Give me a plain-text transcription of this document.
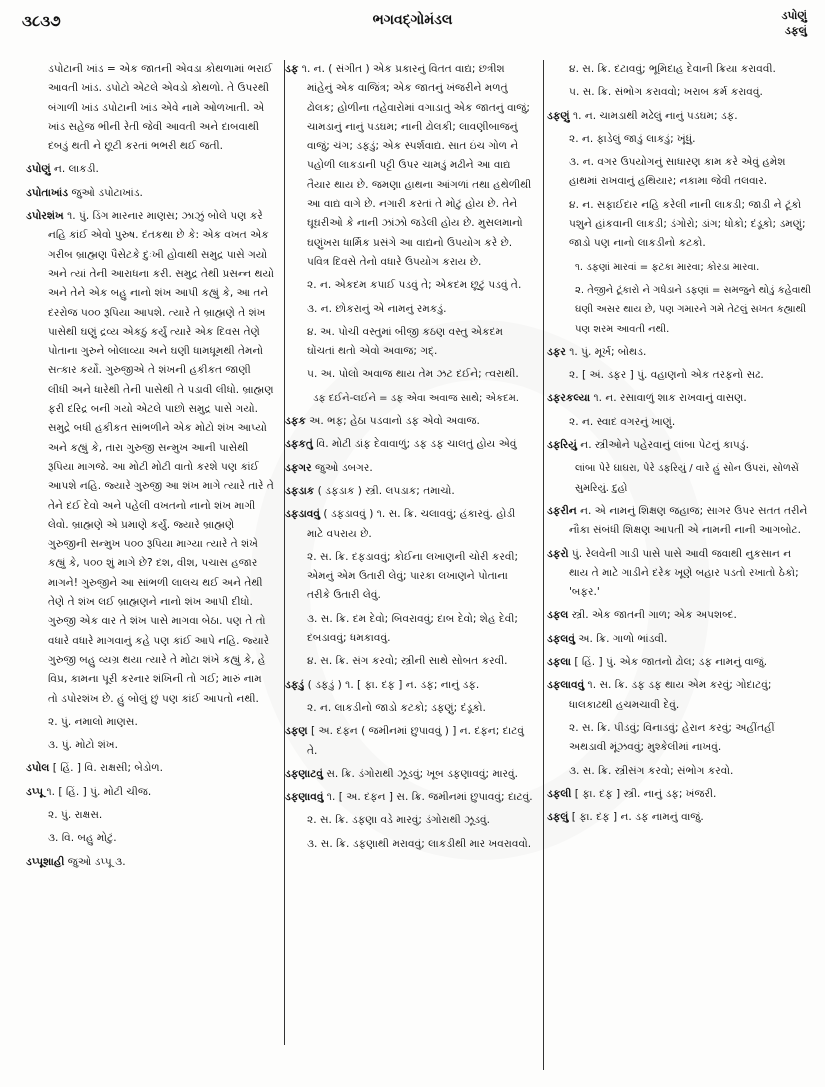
૩૮૩૭	ભગવદ્ગોમંડલ	ડપોણું
ડફલું

ડપોટાની ખાંડ = એક જાતની એવડા કોથળામાં ભરાઈ આવતી ખાંડ. ડપોટો એટલે એવડો કોથળો. તે ઉપરથી બંગાળી ખાંડ ડપોટાની ખાંડ એવે નામે ઓળખાતી. એ ખાંડ સહેજ ભીની રેતી જેવી આવતી અને દાબવાથી દબડું થતી ને છૂટી કરતાં ભભરી થઈ જતી.

ડપોણું ન. લાકડી.

ડપોતાખાંડ જુઓ ડપોટાખાંડ.

ડપોરશંખ ૧. પું. ડિંગ મારનાર માણસ; ઝાઝું બોલે પણ કરે નહિ કાંઈ એવો પુરુષ. દંતકથા છે કે: એક વખત એક ગરીબ બ્રાહ્મણ પૈસેટકે દુઃખી હોવાથી સમુદ્ર પાસે ગયો અને ત્યાં તેની આરાધના કરી. સમુદ્ર તેથી પ્રસન્ન થયો અને તેને એક બહુ નાનો શંખ આપી કહ્યું કે, આ તને દરરોજ ૫૦૦ રૂપિયા આપશે. ત્યારે તે બ્રાહ્મણે તે શંખ પાસેથી ઘણું દ્રવ્ય એકઠું કર્યું ત્યારે એક દિવસ તેણે પોતાના ગુરુને બોલાવ્યા અને ઘણી ધામધૂમથી તેમનો સત્કાર કર્યો. ગુરુજીએ તે શંખની હકીકત જાણી લીધી અને ધારેથી તેની પાસેથી તે પડાવી લીધો. બ્રાહ્મણ ફરી દરિદ્ર બની ગયો એટલે પાછો સમુદ્ર પાસે ગયો. સમુદ્રે બધી હકીકત સાંભળીને એક મોટો શંખ આપ્યો અને કહ્યું કે, તારા ગુરુજી સન્મુખ આની પાસેથી રૂપિયા માગજે. આ મોટી મોટી વાતો કરશે પણ કાંઈ આપશે નહિ. જ્યારે ગુરુજી આ શંખ માગે ત્યારે તારે તે તેને દઈ દેવો અને પહેલી વખતનો નાનો શંખ માગી લેવો. બ્રાહ્મણે એ પ્રમાણે કર્યું. જ્યારે બ્રાહ્મણે ગુરુજીની સન્મુખ ૫૦૦ રૂપિયા માગ્યા ત્યારે તે શંખે કહ્યું કે, ૫૦૦ શું માગે છે? દશ, વીશ, પચાસ હજાર માગને! ગુરુજીને આ સાંભળી લાલચ થઈ અને તેથી તેણે તે શંખ લઈ બ્રાહ્મણને નાનો શંખ આપી દીધો. ગુરુજી એક વાર તે શંખ પાસે માગવા બેઠા. પણ તે તો વધારે વધારે માગવાનું કહે પણ કાંઈ આપે નહિ. જ્યારે ગુરુજી બહુ વ્યગ્ર થયા ત્યારે તે મોટા શંખે કહ્યું કે, હે વિપ્ર, કામના પૂરી કરનાર શંખિની તો ગઈ; મારું નામ તો ડપોરશંખ છે. હું બોલું છું પણ કાંઈ આપતો નથી.

૨. પું. નમાલો માણસ.

૩. પું. મોટો શંખ.

ડપોલ [ હિં. ] વિ. રાક્ષસી; બેડોળ.

ડપ્પૂ ૧. [ હિં. ] પું. મોટી ચીજ.

૨. પું. રાક્ષસ.

૩. વિ. બહુ મોટું.

ડપ્પૂશાહી જુઓ ડપ્પૂ ૩.

ડફ ૧. ન. ( સંગીત ) એક પ્રકારનું વિતત વાદ્ય; છત્રીશ માંહેનું એક વાજિંત્ર; એક જાતનું ખંજરીને મળતું ઢોલક; હોળીના તહેવારોમાં વગાડાતું એક જાતનું વાજું; ચામડાનું નાનું પડઘમ; નાની ઢોલકી; લાવણીબાજનું વાજું; ચંગ; ડફડું; એક સ્પર્શવાદ્ય. સાત ઇંચ ગોળ ને પહોળી લાકડાની પટ્ટી ઉપર ચામડું મઢીને આ વાદ્ય તૈયાર થાય છે. જમણા હાથના આંગળાં તથા હથેળીથી આ વાદ્ય વાગે છે. નગારી કરતાં તે મોટું હોય છે. તેને ઘૂઘરીઓ કે નાની ઝાંઝો જડેલી હોય છે. મુસલમાનો ઘણુંખરા ધાર્મિક પ્રસંગે આ વાદ્યનો ઉપયોગ કરે છે. પવિત્ર દિવસે તેનો વધારે ઉપયોગ કરાય છે.

૨. ન. એકદમ કપાઈ પડવું તે; એકદમ છૂટું પડવું તે.

૩. ન. છોકરાનું એ નામનું રમકડું.

૪. અ. પોચી વસ્તુમાં બીજી કઠણ વસ્તુ એકદમ ઘોંચતાં થતો એવો અવાજ; ગદ્.

૫. અ. પોલો અવાજ થાય તેમ ઝટ દઈને; ત્વરાથી.

ડફ દઈને-લઈને = ડફ એવા અવાજ સાથે; એકદમ.

ડફક અ. ભફ; હેઠા પડવાનો ડફ એવો અવાજ.

ડફકતું વિ. મોટી ડાંફ દેવાવાળું; ડફ ડફ ચાલતું હોય એવું

ડફગર જુઓ ડબગર.

ડફડાક ( ડફડાક ) સ્ત્રી. લપડાક; તમાચો.

ડફડાવવું ( ડફડાવવું ) ૧. સ. ક્રિ. ચલાવવું; હંકારવું. હોડી માટે વપરાય છે.

૨. સ. ક્રિ. દફડાવવું; કોઈના લખાણની ચોરી કરવી; એમનું એમ ઉતારી લેવું; પારકા લખાણને પોતાના તરીકે ઉતારી લેવું.

૩. સ. ક્રિ. દમ દેવો; બિવરાવવું; દાબ દેવો; શેહ દેવી; દબડાવવું; ધમકાવવું.

૪. સ. ક્રિ. સંગ કરવો; સ્ત્રીની સાથે સોબત કરવી.

ડફડું ( ડફડું ) ૧. [ ફા. દફ ] ન. ડફ; નાનું ડફ.

૨. ન. લાકડીનો જાડો કટકો; ડફણું; દંડૂકો.

ડફણ [ અ. દફન ( જમીનમાં છુપાવવું ) ] ન. દફન; દાટવું તે.

ડફણાટવું સ. ક્રિ. ડંગોરાથી ઝૂડવું; ખૂબ ડફણાવવું; મારવું.

ડફણાવવું ૧. [ અ. દફન ] સ. ક્રિ. જમીનમાં છુપાવવું; દાટવું.

૨. સ. ક્રિ. ડફણા વડે મારવું; ડંગોરાથી ઝૂડવું.

૩. સ. ક્રિ. ડફણાથી મરાવવું; લાકડીથી માર ખવરાવવો.

૪. સ. ક્રિ. દટાવવું; ભૂમિદાહ દેવાની ક્રિયા કરાવવી.

૫. સ. ક્રિ. સંભોગ કરાવવો; ખરાબ કર્મ કરાવવું.

ડફણું ૧. ન. ચામડાથી મઢેલું નાનું પડઘમ; ડફ.

૨. ન. ફાડેલું જાડું લાકડું; ખૂંધું.

૩. ન. વગર ઉપયોગનું સાધારણ કામ કરે એવું હમેશ હાથમાં રાખવાનું હથિયાર; નકામા જેવી તલવાર.

૪. ન. સફાઈદાર નહિ કરેલી નાની લાકડી; જાડી ને ટૂંકો પશુને હાંકવાની લાકડી; ડંગોરો; ડાંગ; ધોકો; દંડૂકો; ડમણું; જાડો પણ નાનો લાકડીનો કટકો.

૧. ડફણાં મારવાં = ફટકા મારવા; કોરડા મારવા.

૨. તેજીને ટૂંકારો ને ગધેડાને ડફણાં = સમજુને થોડું કહેવાથી ઘણી અસર થાય છે, પણ ગમારને ગમે તેટલું સખત કહ્યાથી પણ શરમ આવતી નથી.

ડફર ૧. પું. મૂર્ખ; બોથડ.

૨. [ અં. ડફર ] પું. વહાણનો એક તરફનો સઢ.

ડફરકલ્યા ૧. ન. રસાવાળું શાક રાખવાનું વાસણ.

૨. ન. સ્વાદ વગરનું ખાણું.

ડફરિયું ન. સ્ત્રીઓને પહેરવાનું લાંબા પેટનું કાપડું.

લાંબા પેરે ઘાઘરા, પેરે ડફરિયું / વારે હું સોન ઉપરાં, સોળસેં સુમરિયું. દુહો

ડફરીન ન. એ નામનું શિક્ષણ જહાજ; સાગર ઉપર સતત તરીને નૌકા સંબંધી શિક્ષણ આપતી એ નામની નાની આગબોટ.

ડફરો પું. રેલવેની ગાડી પાસે પાસે આવી જવાથી નુકસાન ન થાય તે માટે ગાડીને દરેક ખૂણે બહાર પડતો રખાતો ઠેકો; 'બફર.'

ડફલ સ્ત્રી. એક જાતની ગાળ; એક અપશબ્દ.

ડફલવું અ. ક્રિ. ગાળો ભાંડવી.

ડફલા [ હિં. ] પું. એક જાતનો ઢોલ; ડફ નામનું વાજું.

ડફલાવવું ૧. સ. ક્રિ. ડફ ડફ થાય એમ કરવું; ગોદાટવું; ધાલકાઢથી હચમચાવી દેવું.

૨. સ. ક્રિ. પીડવું; વિનાડવું; હેરાન કરવું; અહીંતહીં અથડાવી મૂંઝવવું; મુશ્કેલીમાં નાખવું.

૩. સ. ક્રિ. સ્ત્રીસંગ કરવો; સંભોગ કરવો.

ડફલી [ ફા. દફ ] સ્ત્રી. નાનું ડફ; ખંજરી.

ડફલું [ ફા. દફ ] ન. ડફ નામનું વાજું.
